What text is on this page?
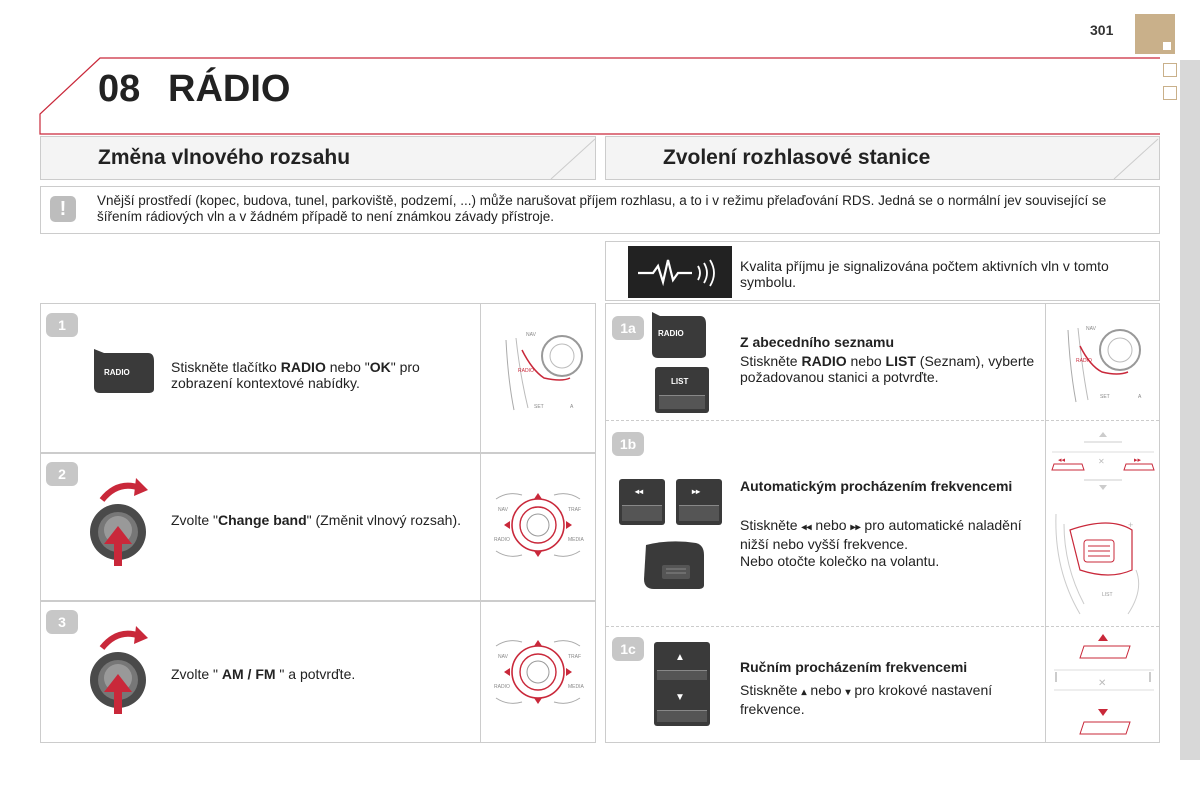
301
08 RÁDIO
Změna vlnového rozsahu	Zvolení rozhlasové stanice
!	Vnější prostředí (kopec, budova, tunel, parkoviště, podzemí, ...) může narušovat příjem rozhlasu, a to i v režimu přelaďování RDS. Jedná se o normální jev související se šířením rádiových vln a v žádném případě to není známkou závady přístroje.
Kvalita příjmu je signalizována počtem aktivních vln v tomto symbolu.
1
RADIO	Stiskněte tlačítko RADIO nebo "OK" pro zobrazení kontextové nabídky.
NAV
RADIO
SET	A
2
Zvolte "Change band" (Změnit vlnový rozsah).
NAV	TRAF
RADIO	MEDIA
3
Zvolte " AM / FM " a potvrďte.
NAV	TRAF
RADIO	MEDIA
1a	RADIO
LIST
Z abecedního seznamu
Stiskněte RADIO nebo LIST (Seznam), vyberte požadovanou stanici a potvrďte.
NAV
RADIO
SET	A
1b
◂◂	▸▸	Automatickým procházením frekvencemi
Stiskněte ◂◂ nebo ▸▸ pro automatické naladění nižší nebo vyšší frekvence.
Nebo otočte kolečko na volantu.
◂◂	▸▸
✕
+
LIST
1c
▲
▼
Ručním procházením frekvencemi
Stiskněte ▴ nebo ▾ pro krokové nastavení frekvence.
✕
